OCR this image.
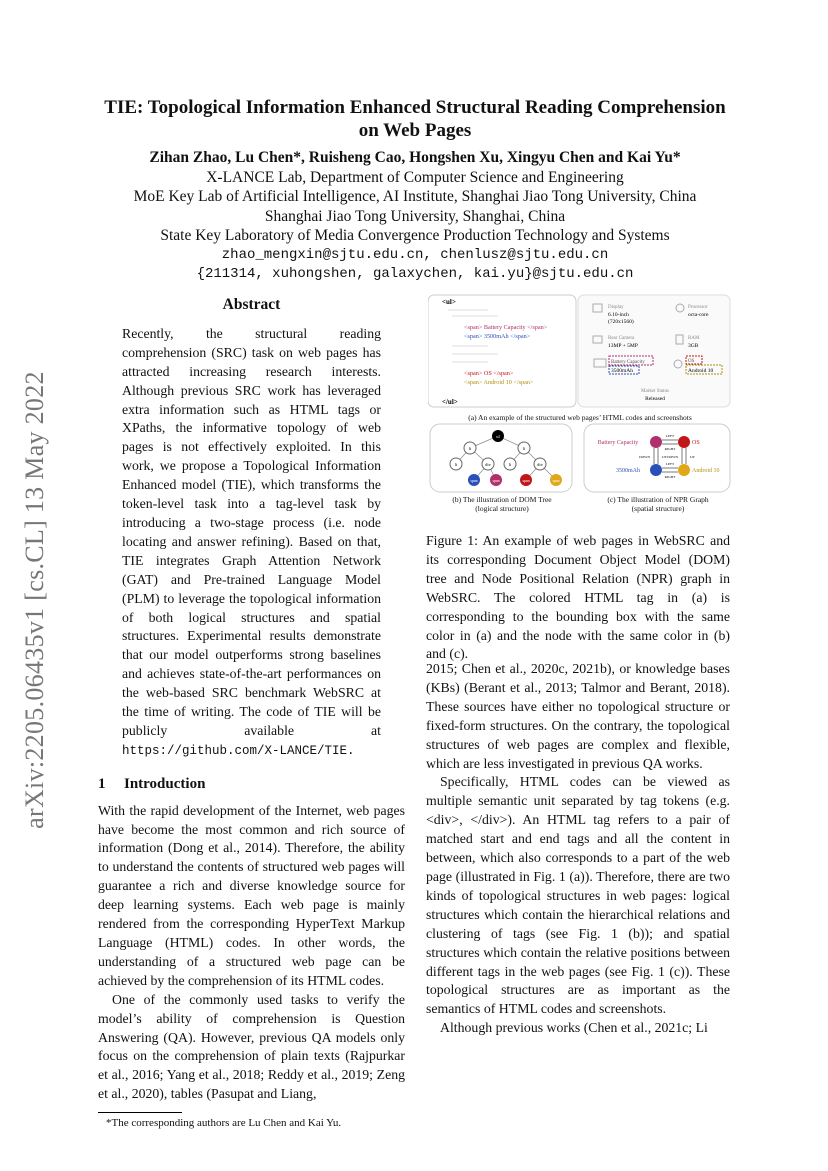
arXiv:2205.06435v1 [cs.CL] 13 May 2022
TIE: Topological Information Enhanced Structural Reading Comprehension on Web Pages
Zihan Zhao, Lu Chen*, Ruisheng Cao, Hongshen Xu, Xingyu Chen and Kai Yu*
X-LANCE Lab, Department of Computer Science and Engineering
MoE Key Lab of Artificial Intelligence, AI Institute, Shanghai Jiao Tong University, China
Shanghai Jiao Tong University, Shanghai, China
State Key Laboratory of Media Convergence Production Technology and Systems
zhao_mengxin@sjtu.edu.cn, chenlusz@sjtu.edu.cn
{211314, xuhongshen, galaxychen, kai.yu}@sjtu.edu.cn
Abstract

Recently, the structural reading comprehension (SRC) task on web pages has attracted increasing research interests. Although previous SRC work has leveraged extra information such as HTML tags or XPaths, the informative topology of web pages is not effectively exploited. In this work, we propose a Topological Information Enhanced model (TIE), which transforms the token-level task into a tag-level task by introducing a two-stage process (i.e. node locating and answer refining). Based on that, TIE integrates Graph Attention Network (GAT) and Pre-trained Language Model (PLM) to leverage the topological information of both logical structures and spatial structures. Experimental results demonstrate that our model outperforms strong baselines and achieves state-of-the-art performances on the web-based SRC benchmark WebSRC at the time of writing. The code of TIE will be publicly available at https://github.com/X-LANCE/TIE.

1 Introduction

With the rapid development of the Internet, web pages have become the most common and rich source of information (Dong et al., 2014). Therefore, the ability to understand the contents of structured web pages will guarantee a rich and diverse knowledge source for deep learning systems. Each web page is mainly rendered from the corresponding HyperText Markup Language (HTML) codes. In other words, the understanding of a structured web page can be achieved by the comprehension of its HTML codes.

One of the commonly used tasks to verify the model’s ability of comprehension is Question Answering (QA). However, previous QA models only focus on the comprehension of plain texts (Rajpurkar et al., 2016; Yang et al., 2018; Reddy et al., 2019; Zeng et al., 2020), tables (Pasupat and Liang,

*The corresponding authors are Lu Chen and Kai Yu.
<ul>
<span> Battery Capacity </span>
<span> 3500mAh </span>
<span> OS </span>
<span> Android 10 </span>
</ul>
Display
6.10-inch
(720x1560)
Processor
octa-core
Rear Camera
13MP + 5MP
RAM
3GB
Battery Capacity
3500mAh
OS
Android 10
Market Status
Released
ul
li	li
li	div	li	div
span	span	span	span
Battery Capacity	OS
3500mAh	Android 10
LEFT
RIGHT
LEFT
RIGHT
DOWN	UP DOWN	UP
(a) An example of the structured web pages’ HTML codes and screenshots
(b) The illustration of DOM Tree (logical structure)
(c) The illustration of NPR Graph (spatial structure)
Figure 1: An example of web pages in WebSRC and its corresponding Document Object Model (DOM) tree and Node Positional Relation (NPR) graph in WebSRC. The colored HTML tag in (a) is corresponding to the bounding box with the same color in (a) and the node with the same color in (b) and (c).

2015; Chen et al., 2020c, 2021b), or knowledge bases (KBs) (Berant et al., 2013; Talmor and Berant, 2018). These sources have either no topological structure or fixed-form structures. On the contrary, the topological structures of web pages are complex and flexible, which are less investigated in previous QA works.

Specifically, HTML codes can be viewed as multiple semantic unit separated by tag tokens (e.g. <div>, </div>). An HTML tag refers to a pair of matched start and end tags and all the content in between, which also corresponds to a part of the web page (illustrated in Fig. 1 (a)). Therefore, there are two kinds of topological structures in web pages: logical structures which contain the hierarchical relations and clustering of tags (see Fig. 1 (b)); and spatial structures which contain the relative positions between different tags in the web pages (see Fig. 1 (c)). These topological structures are as important as the semantics of HTML codes and screenshots.

Although previous works (Chen et al., 2021c; Li
